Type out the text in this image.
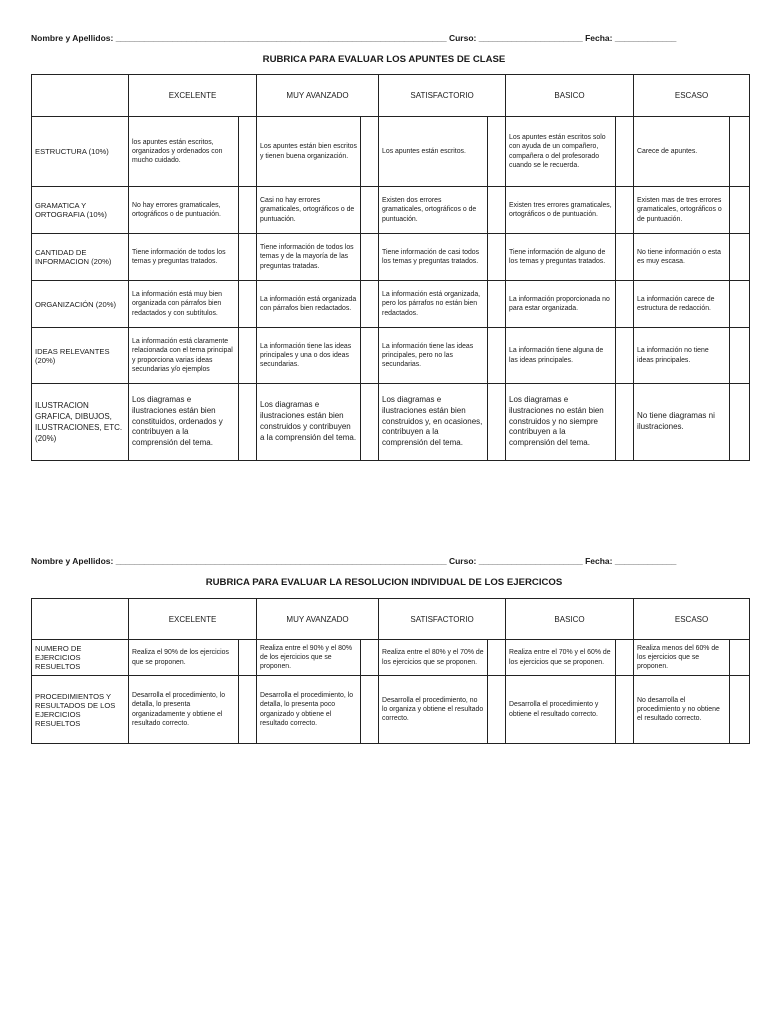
Nombre y Apellidos: ______________________________________________________________________ Curso: ______________________ Fecha: _____________
RUBRICA PARA EVALUAR LOS APUNTES DE CLASE
	EXCELENTE		MUY AVANZADO		SATISFACTORIO		BASICO		ESCASO	
ESTRUCTURA (10%)	los apuntes están escritos, organizados y ordenados con mucho cuidado.		Los apuntes están bien escritos y tienen buena organización.		Los apuntes están escritos.		Los apuntes están escritos solo con ayuda de un compañero, compañera o del profesorado cuando se le recuerda.		Carece de apuntes.	
GRAMATICA Y ORTOGRAFIA (10%)	No hay errores gramaticales, ortográficos o de puntuación.		Casi no hay errores gramaticales, ortográficos o de puntuación.		Existen dos errores gramaticales, ortográficos o de puntuación.		Existen tres errores gramaticales, ortográficos o de puntuación.		Existen mas de tres errores gramaticales, ortográficos o de puntuación.	
CANTIDAD DE INFORMACION (20%)	Tiene información de todos los temas y preguntas tratados.		Tiene información de todos los temas y de la mayoría de las preguntas tratadas.		Tiene información de casi todos los temas y preguntas tratados.		Tiene información de alguno de los temas y preguntas tratados.		No tiene información o esta es muy escasa.	
ORGANIZACIÓN (20%)	La información está muy bien organizada con párrafos bien redactados y con subtítulos.		La información está organizada con párrafos bien redactados.		La información está organizada, pero los párrafos no están bien redactados.		La información proporcionada no para estar organizada.		La información carece de estructura de redacción.	
IDEAS RELEVANTES (20%)	La información está claramente relacionada con el tema principal y proporciona varias ideas secundarias y/o ejemplos		La información tiene las ideas principales y una o dos ideas secundarias.		La información tiene las ideas principales, pero no las secundarias.		La información tiene alguna de las ideas principales.		La información no tiene ideas principales.	
ILUSTRACION GRAFICA, DIBUJOS, ILUSTRACIONES, ETC. (20%)	Los diagramas e ilustraciones están bien constituidos, ordenados y contribuyen a la comprensión del tema.		Los diagramas e ilustraciones están bien construidos y contribuyen a la comprensión del tema.		Los diagramas e ilustraciones están bien construidos y, en ocasiones, contribuyen a la comprensión del tema.		Los diagramas e ilustraciones no están bien construidos y no siempre contribuyen a la comprensión del tema.		No tiene diagramas ni ilustraciones.	
Nombre y Apellidos: ______________________________________________________________________ Curso: ______________________ Fecha: _____________
RUBRICA PARA EVALUAR LA RESOLUCION INDIVIDUAL DE LOS EJERCICOS
	EXCELENTE		MUY AVANZADO		SATISFACTORIO		BASICO		ESCASO	
NUMERO DE EJERCICIOS RESUELTOS	Realiza el 90% de los ejercicios que se proponen.		Realiza entre el 90% y el 80% de los ejercicios que se proponen.		Realiza entre el 80% y el 70% de los ejercicios que se proponen.		Realiza entre el 70% y el 60% de los ejercicios que se proponen.		Realiza menos del 60% de los ejercicios que se proponen.	
PROCEDIMIENTOS Y RESULTADOS DE LOS EJERCICIOS RESUELTOS	Desarrolla el procedimiento, lo detalla, lo presenta organizadamente y obtiene el resultado correcto.		Desarrolla el procedimiento, lo detalla, lo presenta poco organizado y obtiene el resultado correcto.		Desarrolla el procedimiento, no lo organiza y obtiene el resultado correcto.		Desarrolla el procedimiento y obtiene el resultado correcto.		No desarrolla el procedimiento y no obtiene el resultado correcto.	
